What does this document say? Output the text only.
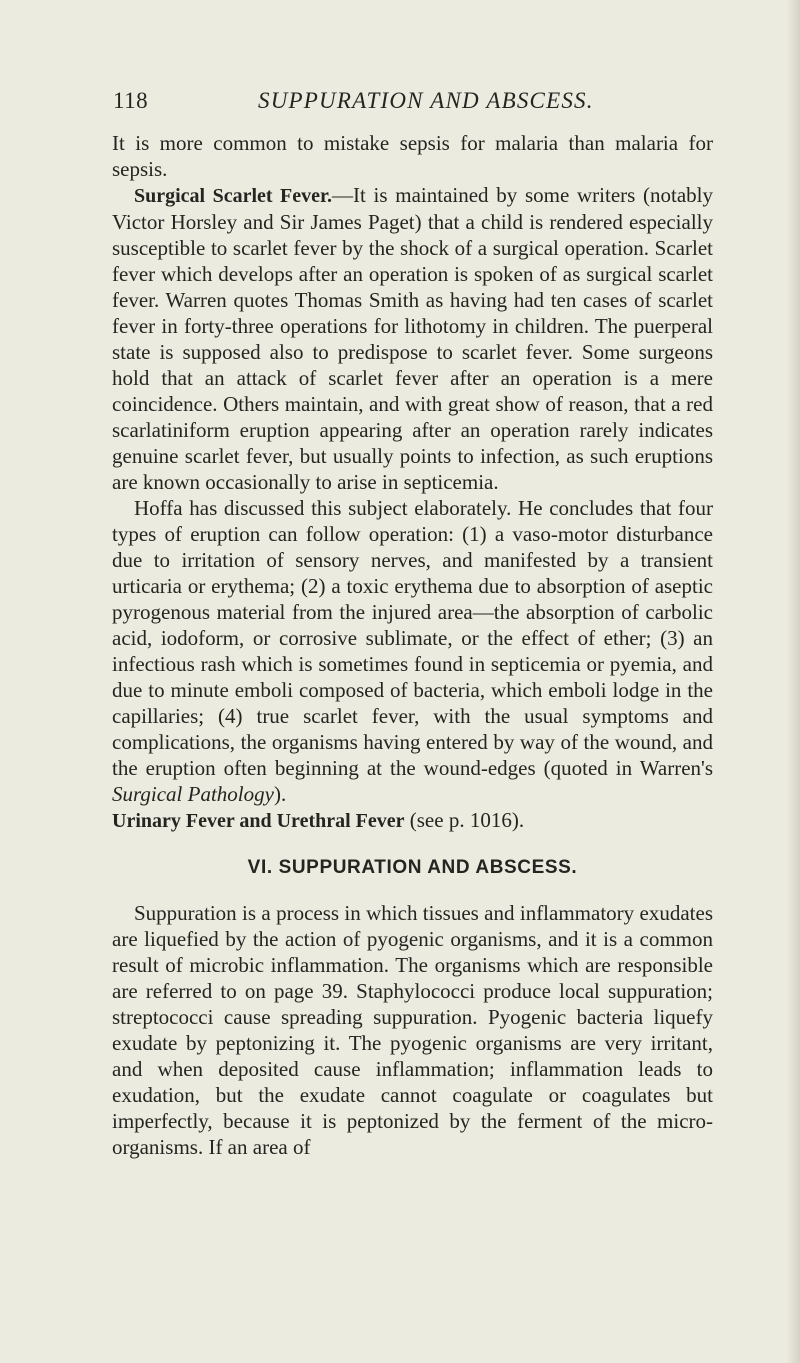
118	SUPPURATION AND ABSCESS.

It is more common to mistake sepsis for malaria than malaria for sepsis.

Surgical Scarlet Fever.—It is maintained by some writers (notably Victor Horsley and Sir James Paget) that a child is rendered especially susceptible to scarlet fever by the shock of a surgical operation. Scarlet fever which develops after an operation is spoken of as surgical scarlet fever. Warren quotes Thomas Smith as having had ten cases of scarlet fever in forty-three operations for lithotomy in children. The puerperal state is supposed also to predispose to scarlet fever. Some surgeons hold that an attack of scarlet fever after an operation is a mere coincidence. Others maintain, and with great show of reason, that a red scarlatiniform eruption appearing after an operation rarely indicates genuine scarlet fever, but usually points to infection, as such eruptions are known occasionally to arise in septicemia.

Hoffa has discussed this subject elaborately. He concludes that four types of eruption can follow operation: (1) a vaso-motor disturbance due to irritation of sensory nerves, and manifested by a transient urticaria or erythema; (2) a toxic erythema due to absorption of aseptic pyrogenous material from the injured area—the absorption of carbolic acid, iodoform, or corrosive sublimate, or the effect of ether; (3) an infectious rash which is sometimes found in septicemia or pyemia, and due to minute emboli composed of bacteria, which emboli lodge in the capillaries; (4) true scarlet fever, with the usual symptoms and complications, the organisms having entered by way of the wound, and the eruption often beginning at the wound-edges (quoted in Warren's Surgical Pathology).

Urinary Fever and Urethral Fever (see p. 1016).

VI. SUPPURATION AND ABSCESS.

Suppuration is a process in which tissues and inflammatory exudates are liquefied by the action of pyogenic organisms, and it is a common result of microbic inflammation. The organisms which are responsible are referred to on page 39. Staphylococci produce local suppuration; streptococci cause spreading suppuration. Pyogenic bacteria liquefy exudate by peptonizing it. The pyogenic organisms are very irritant, and when deposited cause inflammation; inflammation leads to exudation, but the exudate cannot coagulate or coagulates but imperfectly, because it is peptonized by the ferment of the micro-organisms. If an area of
